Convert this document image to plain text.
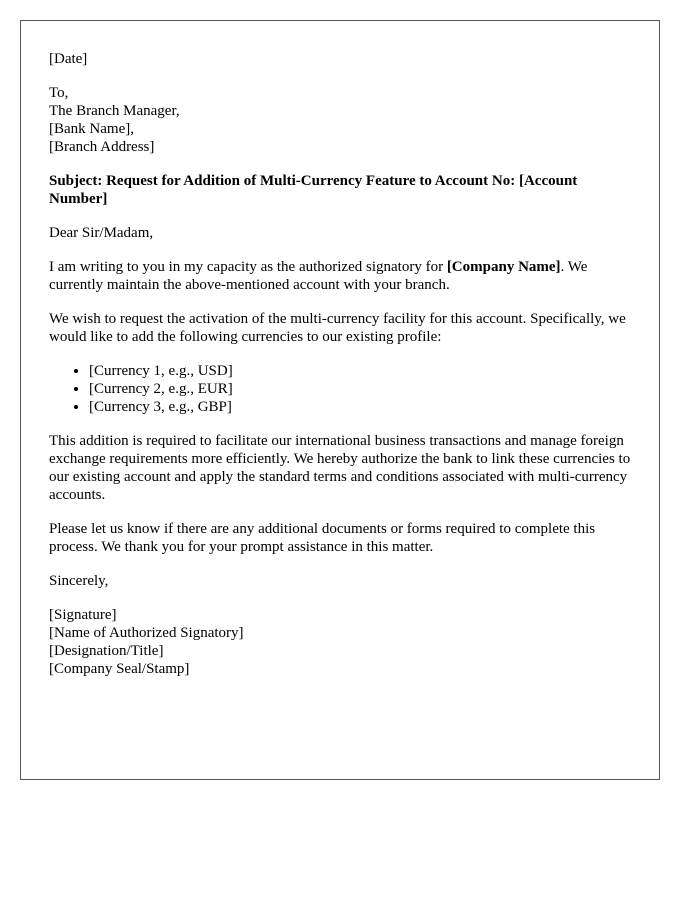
[Date]
To,
The Branch Manager,
[Bank Name],
[Branch Address]
Subject: Request for Addition of Multi-Currency Feature to Account No: [Account Number]
Dear Sir/Madam,
I am writing to you in my capacity as the authorized signatory for [Company Name]. We currently maintain the above-mentioned account with your branch.
We wish to request the activation of the multi-currency facility for this account. Specifically, we would like to add the following currencies to our existing profile:
• [Currency 1, e.g., USD]
• [Currency 2, e.g., EUR]
• [Currency 3, e.g., GBP]
This addition is required to facilitate our international business transactions and manage foreign exchange requirements more efficiently. We hereby authorize the bank to link these currencies to our existing account and apply the standard terms and conditions associated with multi-currency accounts.
Please let us know if there are any additional documents or forms required to complete this process. We thank you for your prompt assistance in this matter.
Sincerely,
[Signature]
[Name of Authorized Signatory]
[Designation/Title]
[Company Seal/Stamp]
